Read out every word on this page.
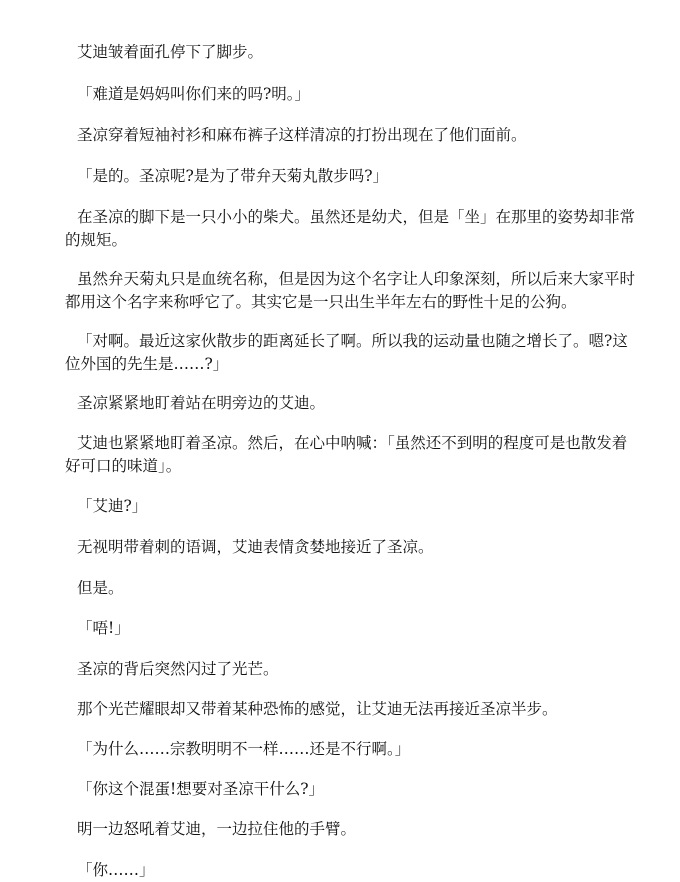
艾迪皱着面孔停下了脚步。

「难道是妈妈叫你们来的吗?明。」

圣凉穿着短袖衬衫和麻布裤子这样清凉的打扮出现在了他们面前。

「是的。圣凉呢?是为了带弁天菊丸散步吗?」

在圣凉的脚下是一只小小的柴犬。虽然还是幼犬，但是「坐」在那里的姿势却非常的规矩。

虽然弁天菊丸只是血统名称，但是因为这个名字让人印象深刻，所以后来大家平时都用这个名字来称呼它了。其实它是一只出生半年左右的野性十足的公狗。

「对啊。最近这家伙散步的距离延长了啊。所以我的运动量也随之增长了。嗯?这位外国的先生是……?」

圣凉紧紧地盯着站在明旁边的艾迪。

艾迪也紧紧地盯着圣凉。然后，在心中呐喊：「虽然还不到明的程度可是也散发着好可口的味道」。

「艾迪?」

无视明带着刺的语调，艾迪表情贪婪地接近了圣凉。

但是。

「唔!」

圣凉的背后突然闪过了光芒。

那个光芒耀眼却又带着某种恐怖的感觉，让艾迪无法再接近圣凉半步。

「为什么……宗教明明不一样……还是不行啊。」

「你这个混蛋!想要对圣凉干什么?」

明一边怒吼着艾迪，一边拉住他的手臂。

「你……」
